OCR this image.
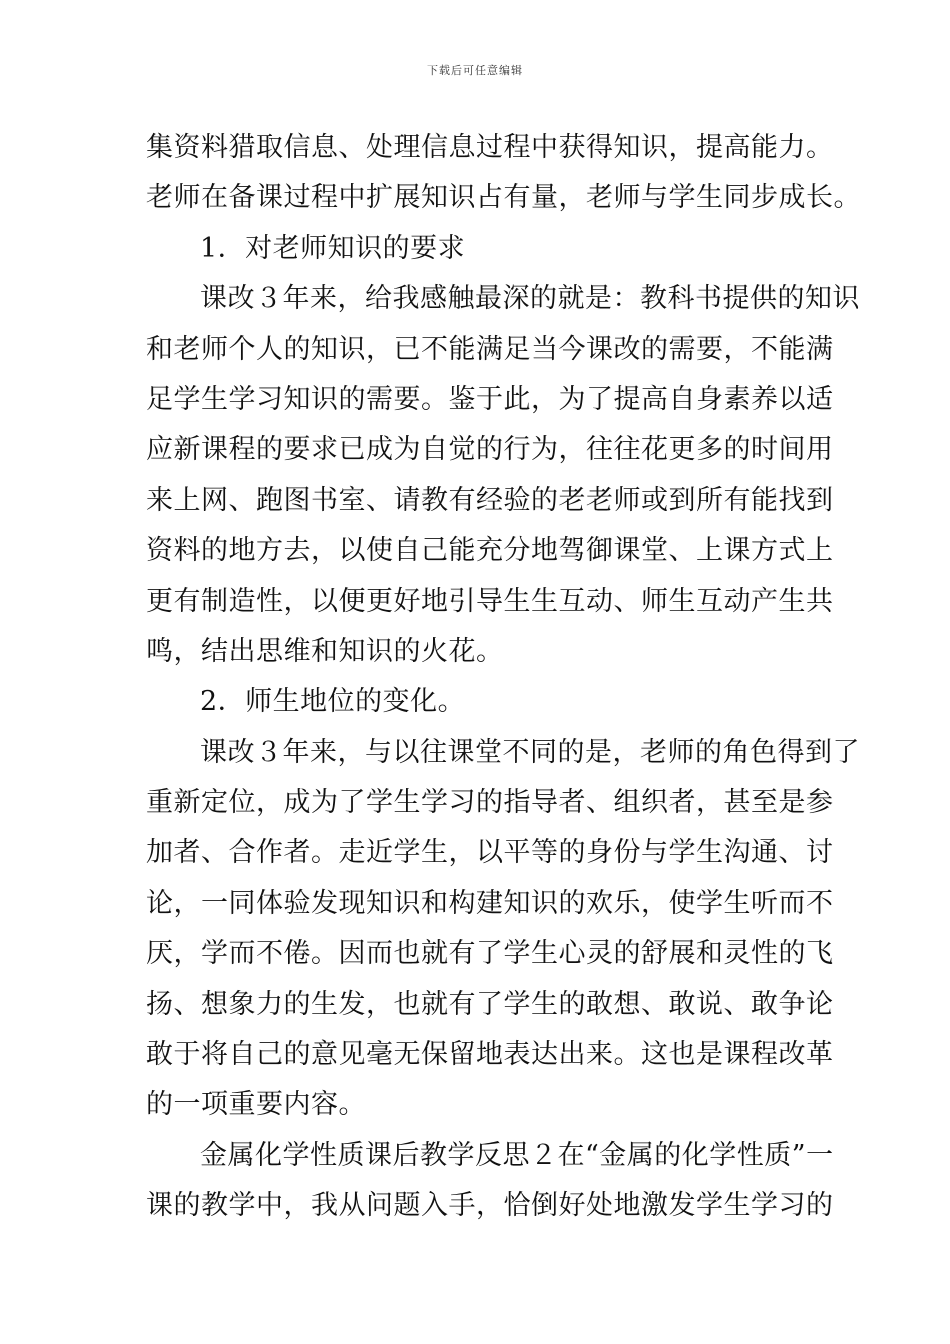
下载后可任意编辑
集资料猎取信息、处理信息过程中获得知识，提高能力。
老师在备课过程中扩展知识占有量，老师与学生同步成长。
1．对老师知识的要求
课改３年来，给我感触最深的就是：教科书提供的知识
和老师个人的知识，已不能满足当今课改的需要，不能满
足学生学习知识的需要。鉴于此，为了提高自身素养以适
应新课程的要求已成为自觉的行为，往往花更多的时间用
来上网、跑图书室、请教有经验的老老师或到所有能找到
资料的地方去，以使自己能充分地驾御课堂、上课方式上
更有制造性，以便更好地引导生生互动、师生互动产生共
鸣，结出思维和知识的火花。
2．师生地位的变化。
课改３年来，与以往课堂不同的是，老师的角色得到了
重新定位，成为了学生学习的指导者、组织者，甚至是参
加者、合作者。走近学生，以平等的身份与学生沟通、讨
论，一同体验发现知识和构建知识的欢乐，使学生听而不
厌，学而不倦。因而也就有了学生心灵的舒展和灵性的飞
扬、想象力的生发，也就有了学生的敢想、敢说、敢争论
敢于将自己的意见毫无保留地表达出来。这也是课程改革
的一项重要内容。
金属化学性质课后教学反思２在“金属的化学性质”一
课的教学中，我从问题入手，恰倒好处地激发学生学习的
